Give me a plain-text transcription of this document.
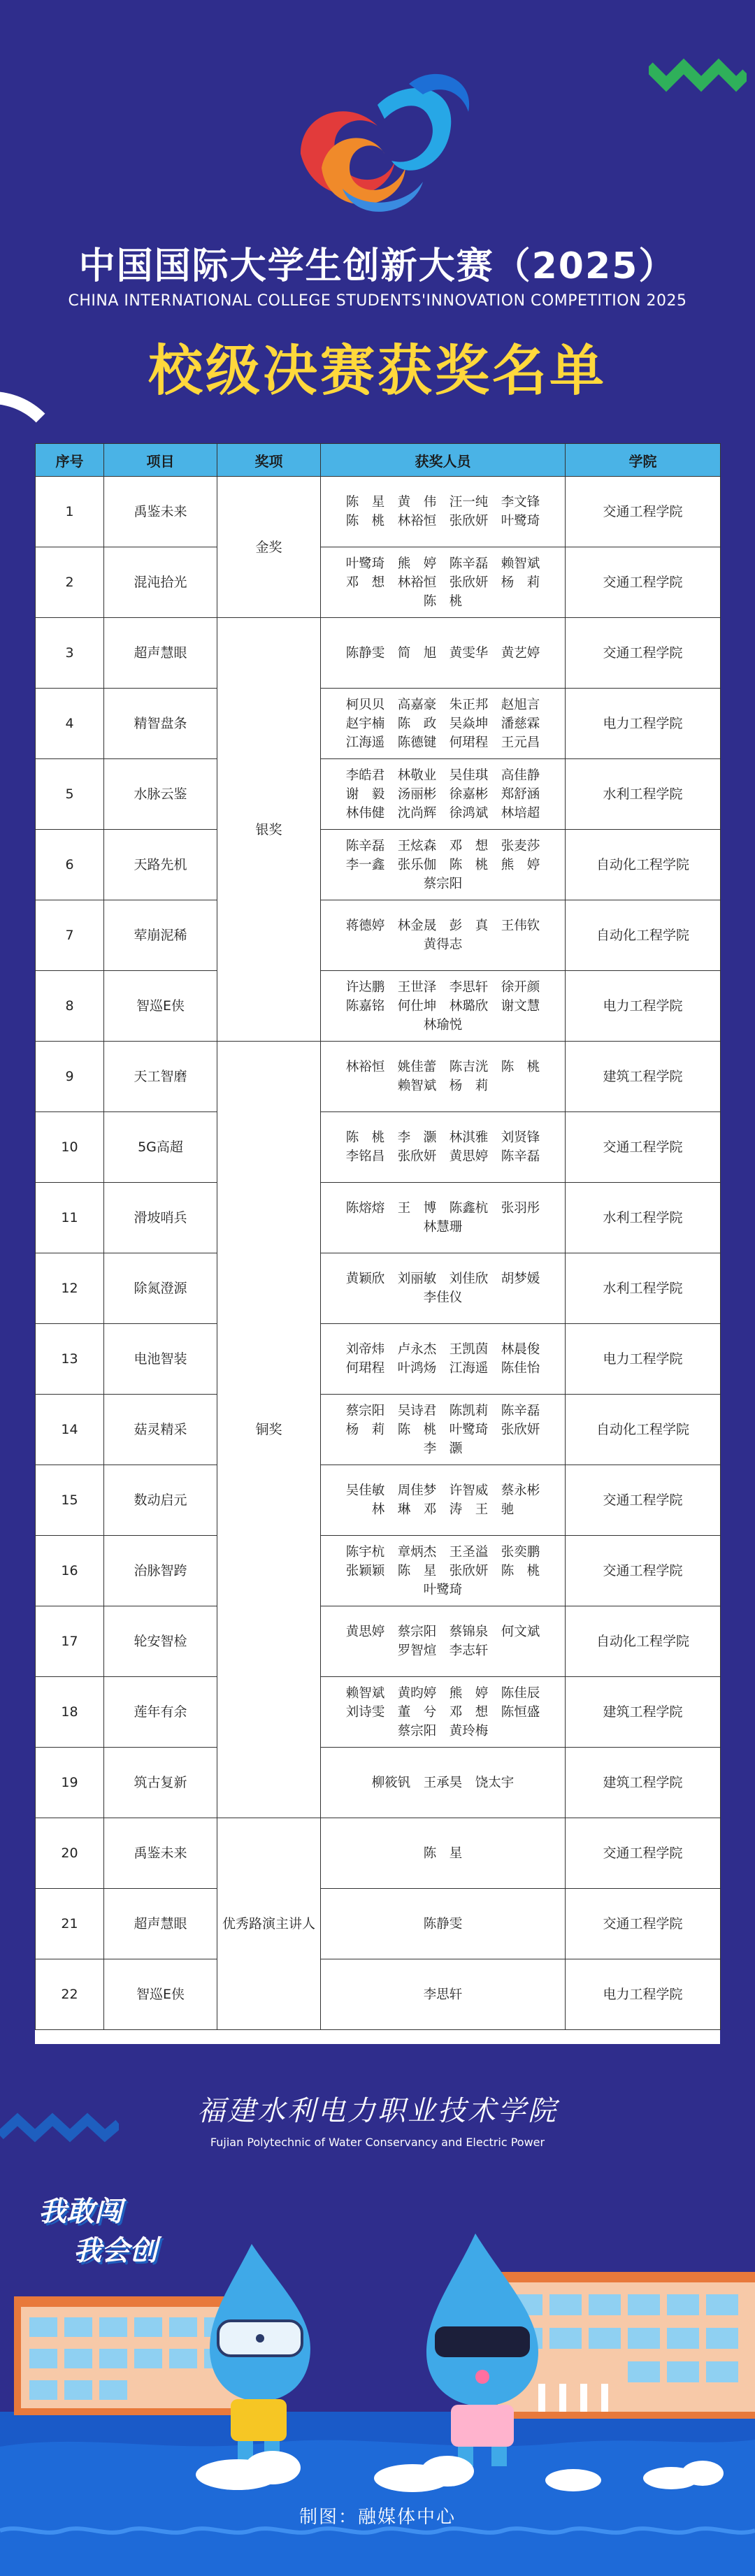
中国国际大学生创新大赛（2025）
CHINA INTERNATIONAL COLLEGE STUDENTS'INNOVATION COMPETITION 2025
校级决赛获奖名单
序号	项目	奖项	获奖人员	学院
1	禹鉴未来	金奖	陈　星　黄　伟　汪一纯　李文锋
陈　桃　林裕恒　张欣妍　叶鹭琦	交通工程学院
2	混沌拾光		叶鹭琦　熊　婷　陈辛磊　赖智斌
邓　想　林裕恒　张欣妍　杨　莉
陈　桃	交通工程学院
3	超声慧眼	银奖	陈静雯　简　旭　黄雯华　黄艺婷	交通工程学院
4	精智盘条		柯贝贝　高嘉豪　朱正邦　赵旭言
赵宇楠　陈　政　吴焱坤　潘慈霖
江海遥　陈德键　何珺程　王元昌	电力工程学院
5	水脉云鉴		李皓君　林敬业　吴佳琪　高佳静
谢　毅　汤丽彬　徐嘉彬　郑舒涵
林伟健　沈尚辉　徐鸿斌　林培超	水利工程学院
6	天路先机		陈辛磊　王炫森　邓　想　张麦莎
李一鑫　张乐伽　陈　桃　熊　婷
蔡宗阳	自动化工程学院
7	荤崩泥稀		蒋德婷　林金晟　彭　真　王伟钦
黄得志	自动化工程学院
8	智巡E侠		许达鹏　王世泽　李思轩　徐开颜
陈嘉铭　何仕坤　林璐欣　谢文慧
林瑜悦	电力工程学院
9	天工智磨	铜奖	林裕恒　姚佳蕾　陈吉洸　陈　桃
赖智斌　杨　莉	建筑工程学院
10	5G高超		陈　桃　李　灏　林淇雅　刘贤锋
李铭昌　张欣妍　黄思婷　陈辛磊	交通工程学院
11	滑坡哨兵		陈熔熔　王　博　陈鑫杭　张羽彤
林慧珊	水利工程学院
12	除氮澄源		黄颖欣　刘丽敏　刘佳欣　胡梦媛
李佳仪	水利工程学院
13	电池智装		刘帝炜　卢永杰　王凯茵　林晨俊
何珺程　叶鸿炀　江海遥　陈佳怡	电力工程学院
14	菇灵精采		蔡宗阳　吴诗君　陈凯莉　陈辛磊
杨　莉　陈　桃　叶鹭琦　张欣妍
李　灏	自动化工程学院
15	数动启元		吴佳敏　周佳梦　许智威　蔡永彬
林　琳　邓　涛　王　驰	交通工程学院
16	治脉智跨		陈宇杭　章炳杰　王圣溢　张奕鹏
张颖颖　陈　星　张欣妍　陈　桃
叶鹭琦	交通工程学院
17	轮安智检		黄思婷　蔡宗阳　蔡锦泉　何文斌
罗智煊　李志轩	自动化工程学院
18	莲年有余		赖智斌　黄昀婷　熊　婷　陈佳辰
刘诗雯　董　兮　邓　想　陈恒盛
蔡宗阳　黄玲梅	建筑工程学院
19	筑古复新		柳筱钒　王承昊　饶太宇	建筑工程学院
20	禹鉴未来	优秀路演主讲人	陈　星	交通工程学院
21	超声慧眼		陈静雯	交通工程学院
22	智巡E侠		李思轩	电力工程学院
福建水利电力职业技术学院
Fujian Polytechnic of Water Conservancy and Electric Power
我敢闯
我会创
制图：融媒体中心
